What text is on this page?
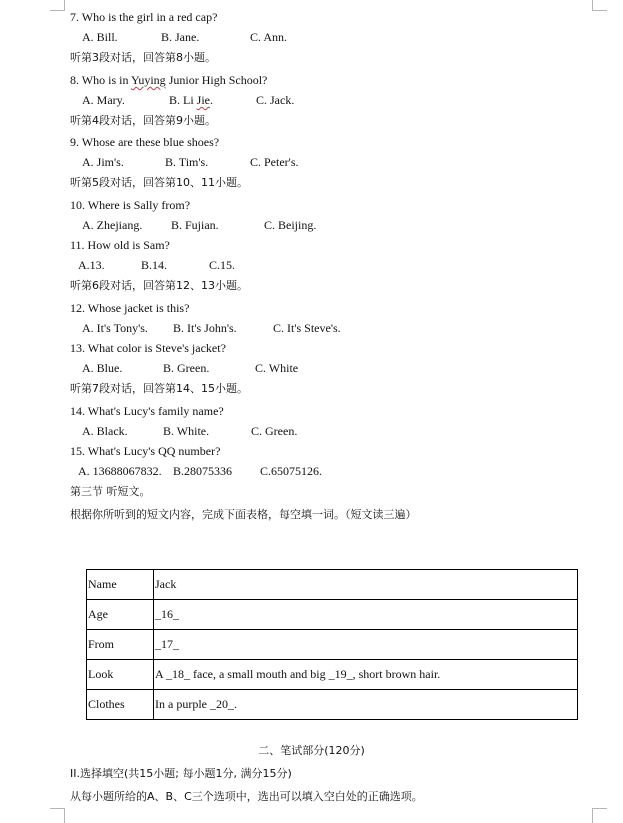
7. Who is the girl in a red cap?
A. Bill.	B. Jane.	C. Ann.
听第3段对话，回答第8小题。
8. Who is in Yuying Junior High School?
A. Mary.	B. Li Jie.	C. Jack.
听第4段对话，回答第9小题。
9. Whose are these blue shoes?
A. Jim's.	B. Tim's.	C. Peter's.
听第5段对话，回答第10、11小题。
10. Where is Sally from?
A. Zhejiang. B. Fujian.	C. Beijing.
11. How old is Sam?
A.13.	B.14.	C.15.
听第6段对话，回答第12、13小题。
12. Whose jacket is this?
A. It's Tony's. B. It's John's.	C. It's Steve's.
13. What color is Steve's jacket?
A. Blue.	B. Green.	C. White
听第7段对话，回答第14、15小题。
14. What's Lucy's family name?
A. Black.	B. White.	C. Green.
15. What's Lucy's QQ number?
A. 13688067832. B.28075336 C.65075126.
第三节 听短文。
根据你所听到的短文内容，完成下面表格，每空填一词。（短文读三遍）
Name	Jack
Age	_16_
From	_17_
Look	A _18_ face, a small mouth and big _19_, short brown hair.
Clothes	In a purple _20_.
二、笔试部分(120分)
II.选择填空(共15小题; 每小题1分, 满分15分)
从每小题所给的A、B、C三个选项中，选出可以填入空白处的正确选项。
